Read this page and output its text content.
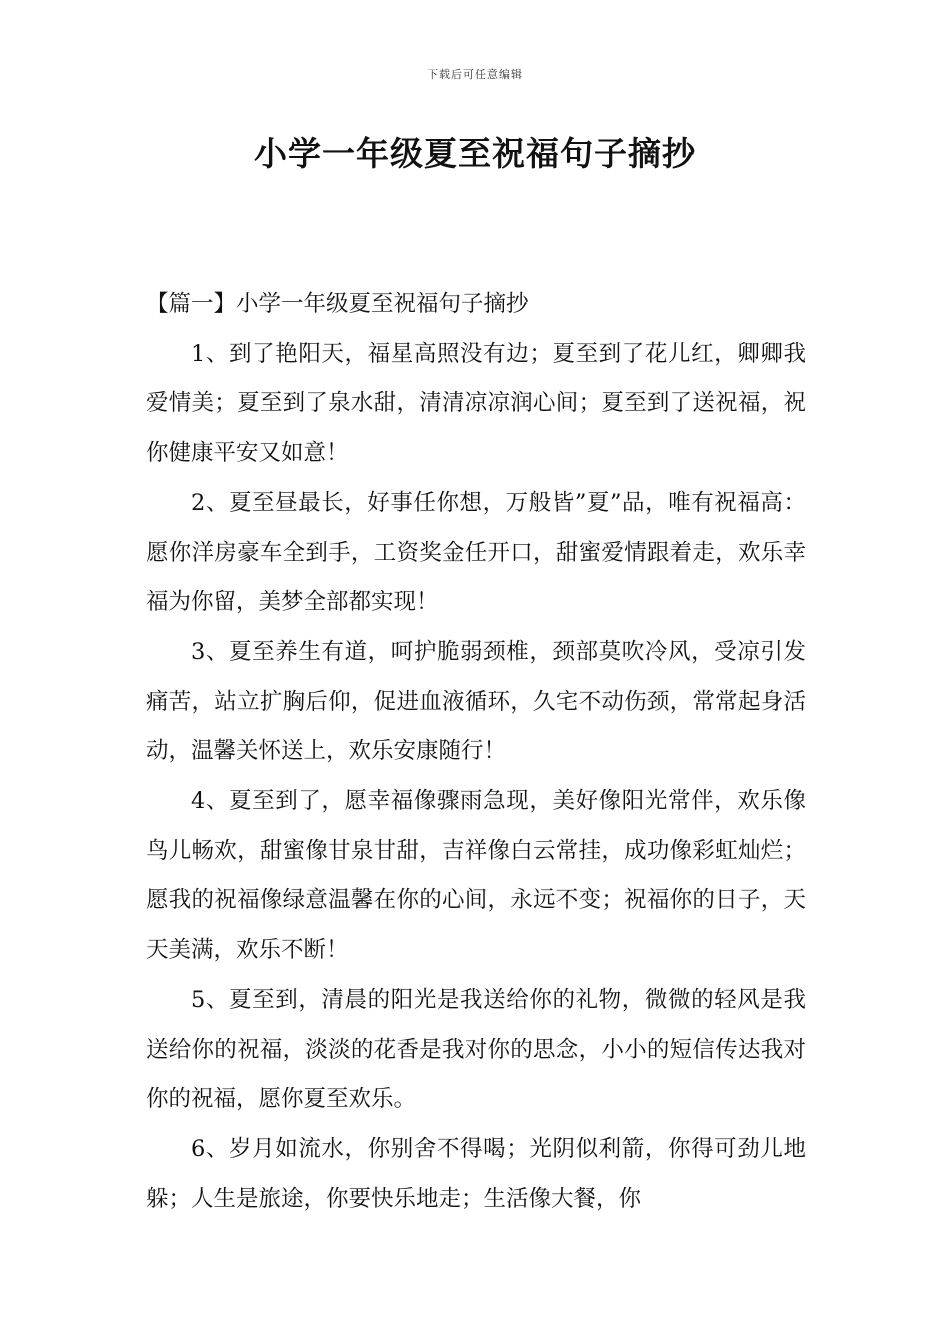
下载后可任意编辑
小学一年级夏至祝福句子摘抄

【篇一】小学一年级夏至祝福句子摘抄

1、到了艳阳天，福星高照没有边；夏至到了花儿红，卿卿我爱情美；夏至到了泉水甜，清清凉凉润心间；夏至到了送祝福，祝你健康平安又如意！

2、夏至昼最长，好事任你想，万般皆”夏”品，唯有祝福高：愿你洋房豪车全到手，工资奖金任开口，甜蜜爱情跟着走，欢乐幸福为你留，美梦全部都实现！

3、夏至养生有道，呵护脆弱颈椎，颈部莫吹冷风，受凉引发痛苦，站立扩胸后仰，促进血液循环，久宅不动伤颈，常常起身活动，温馨关怀送上，欢乐安康随行！

4、夏至到了，愿幸福像骤雨急现，美好像阳光常伴，欢乐像鸟儿畅欢，甜蜜像甘泉甘甜，吉祥像白云常挂，成功像彩虹灿烂；愿我的祝福像绿意温馨在你的心间，永远不变；祝福你的日子，天天美满，欢乐不断！

5、夏至到，清晨的阳光是我送给你的礼物，微微的轻风是我送给你的祝福，淡淡的花香是我对你的思念，小小的短信传达我对你的祝福，愿你夏至欢乐。

6、岁月如流水，你别舍不得喝；光阴似利箭，你得可劲儿地躲；人生是旅途，你要快乐地走；生活像大餐，你
